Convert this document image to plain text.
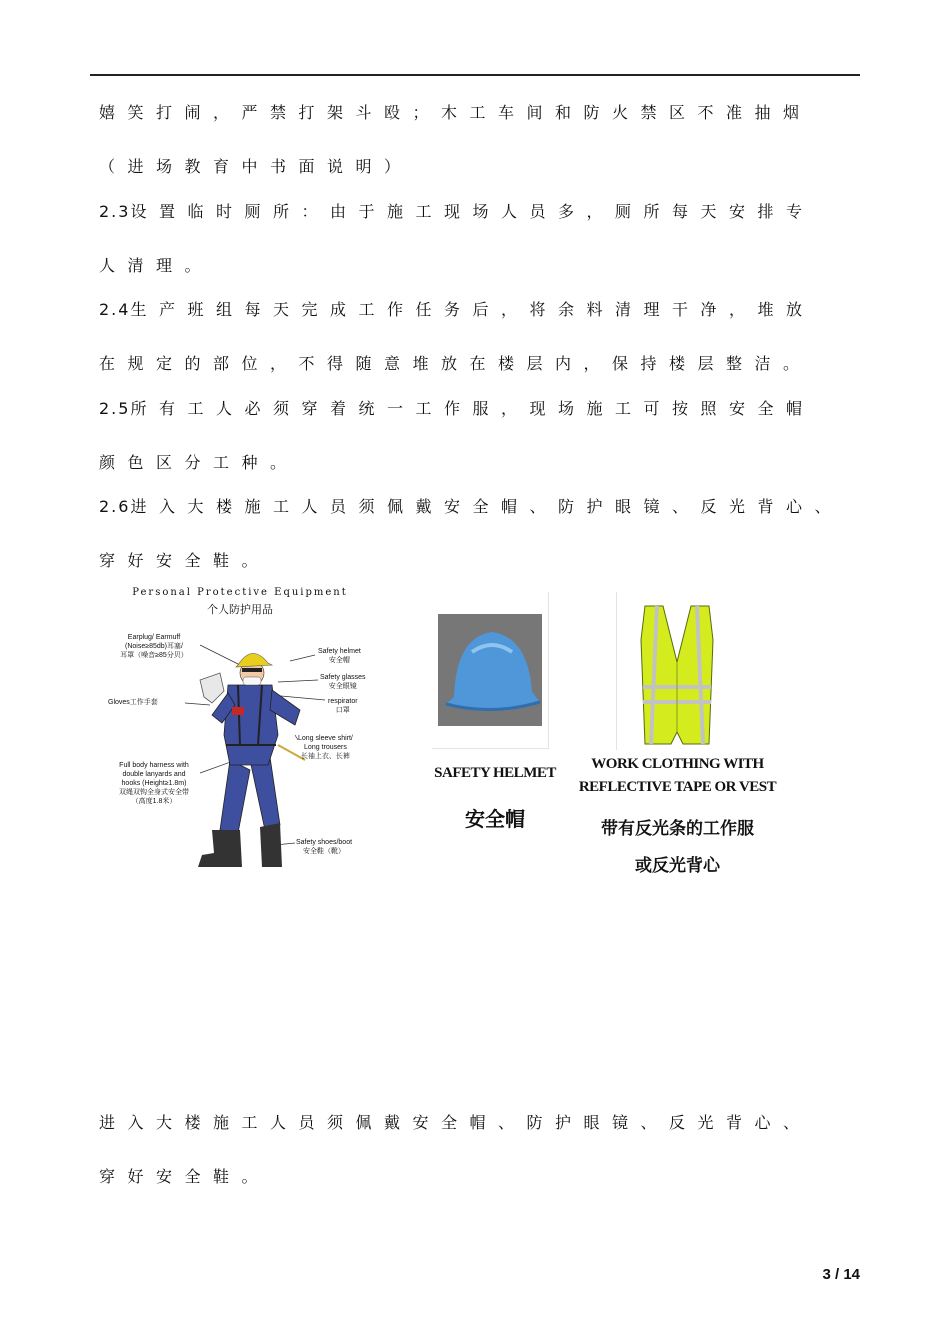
嬉笑打闹，严禁打架斗殴；木工车间和防火禁区不准抽烟
（进场教育中书面说明）
2.3设置临时厕所：由于施工现场人员多，厕所每天安排专
人清理。
2.4生产班组每天完成工作任务后，将余料清理干净，堆放
在规定的部位，不得随意堆放在楼层内，保持楼层整洁。
2.5所有工人必须穿着统一工作服，现场施工可按照安全帽
颜色区分工种。
2.6进入大楼施工人员须佩戴安全帽、防护眼镜、反光背心、
穿好安全鞋。
Personal Protective Equipment
个人防护用品
Earplug/ Earmuff
(Noise≥85db)耳塞/
耳罩（噪音≥85分贝）
Safety helmet
安全帽
Safety glasses
安全眼镜
respirator
口罩
Gloves工作手套
Long sleeve shirt/
Long trousers
长袖上衣、长裤
Full body harness with
double lanyards and
hooks (Height≥1.8m)
双绳双钩全身式安全带
（高度1.8米）
Safety shoes/boot
安全鞋（靴）
SAFETY HELMET
安全帽
WORK CLOTHING WITH
REFLECTIVE TAPE OR VEST
带有反光条的工作服
或反光背心
进入大楼施工人员须佩戴安全帽、防护眼镜、反光背心、
穿好安全鞋。
3 / 14
